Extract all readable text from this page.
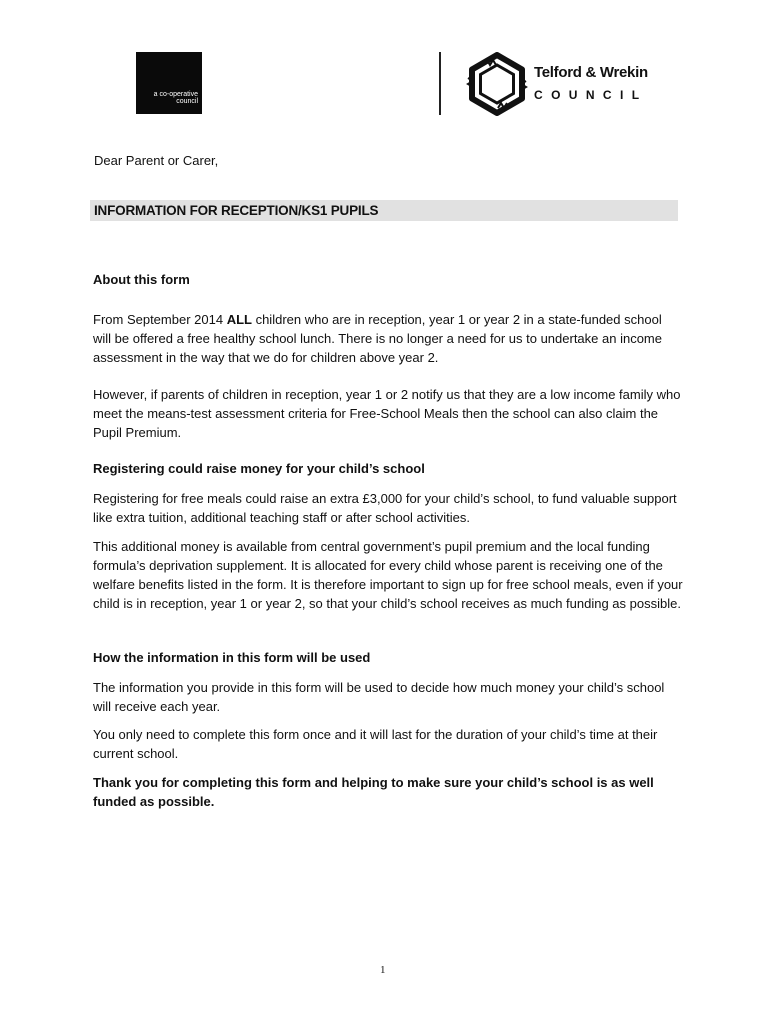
a co-operative
council
Telford & Wrekin
COUNCIL
Dear Parent or Carer,
INFORMATION FOR RECEPTION/KS1 PUPILS
About this form
From September 2014 ALL children who are in reception, year 1 or year 2 in a state-funded school will be offered a free healthy school lunch. There is no longer a need for us to undertake an income assessment in the way that we do for children above year 2.
However, if parents of children in reception, year 1 or 2 notify us that they are a low income family who meet the means-test assessment criteria for Free-School Meals then the school can also claim the Pupil Premium.
Registering could raise money for your child’s school
Registering for free meals could raise an extra £3,000 for your child’s school, to fund valuable support like extra tuition, additional teaching staff or after school activities.
This additional money is available from central government’s pupil premium and the local funding formula’s deprivation supplement. It is allocated for every child whose parent is receiving one of the welfare benefits listed in the form. It is therefore important to sign up for free school meals, even if your child is in reception, year 1 or year 2, so that your child’s school receives as much funding as possible.
How the information in this form will be used
The information you provide in this form will be used to decide how much money your child’s school will receive each year.
You only need to complete this form once and it will last for the duration of your child’s time at their current school.
Thank you for completing this form and helping to make sure your child’s school is as well funded as possible.
1
